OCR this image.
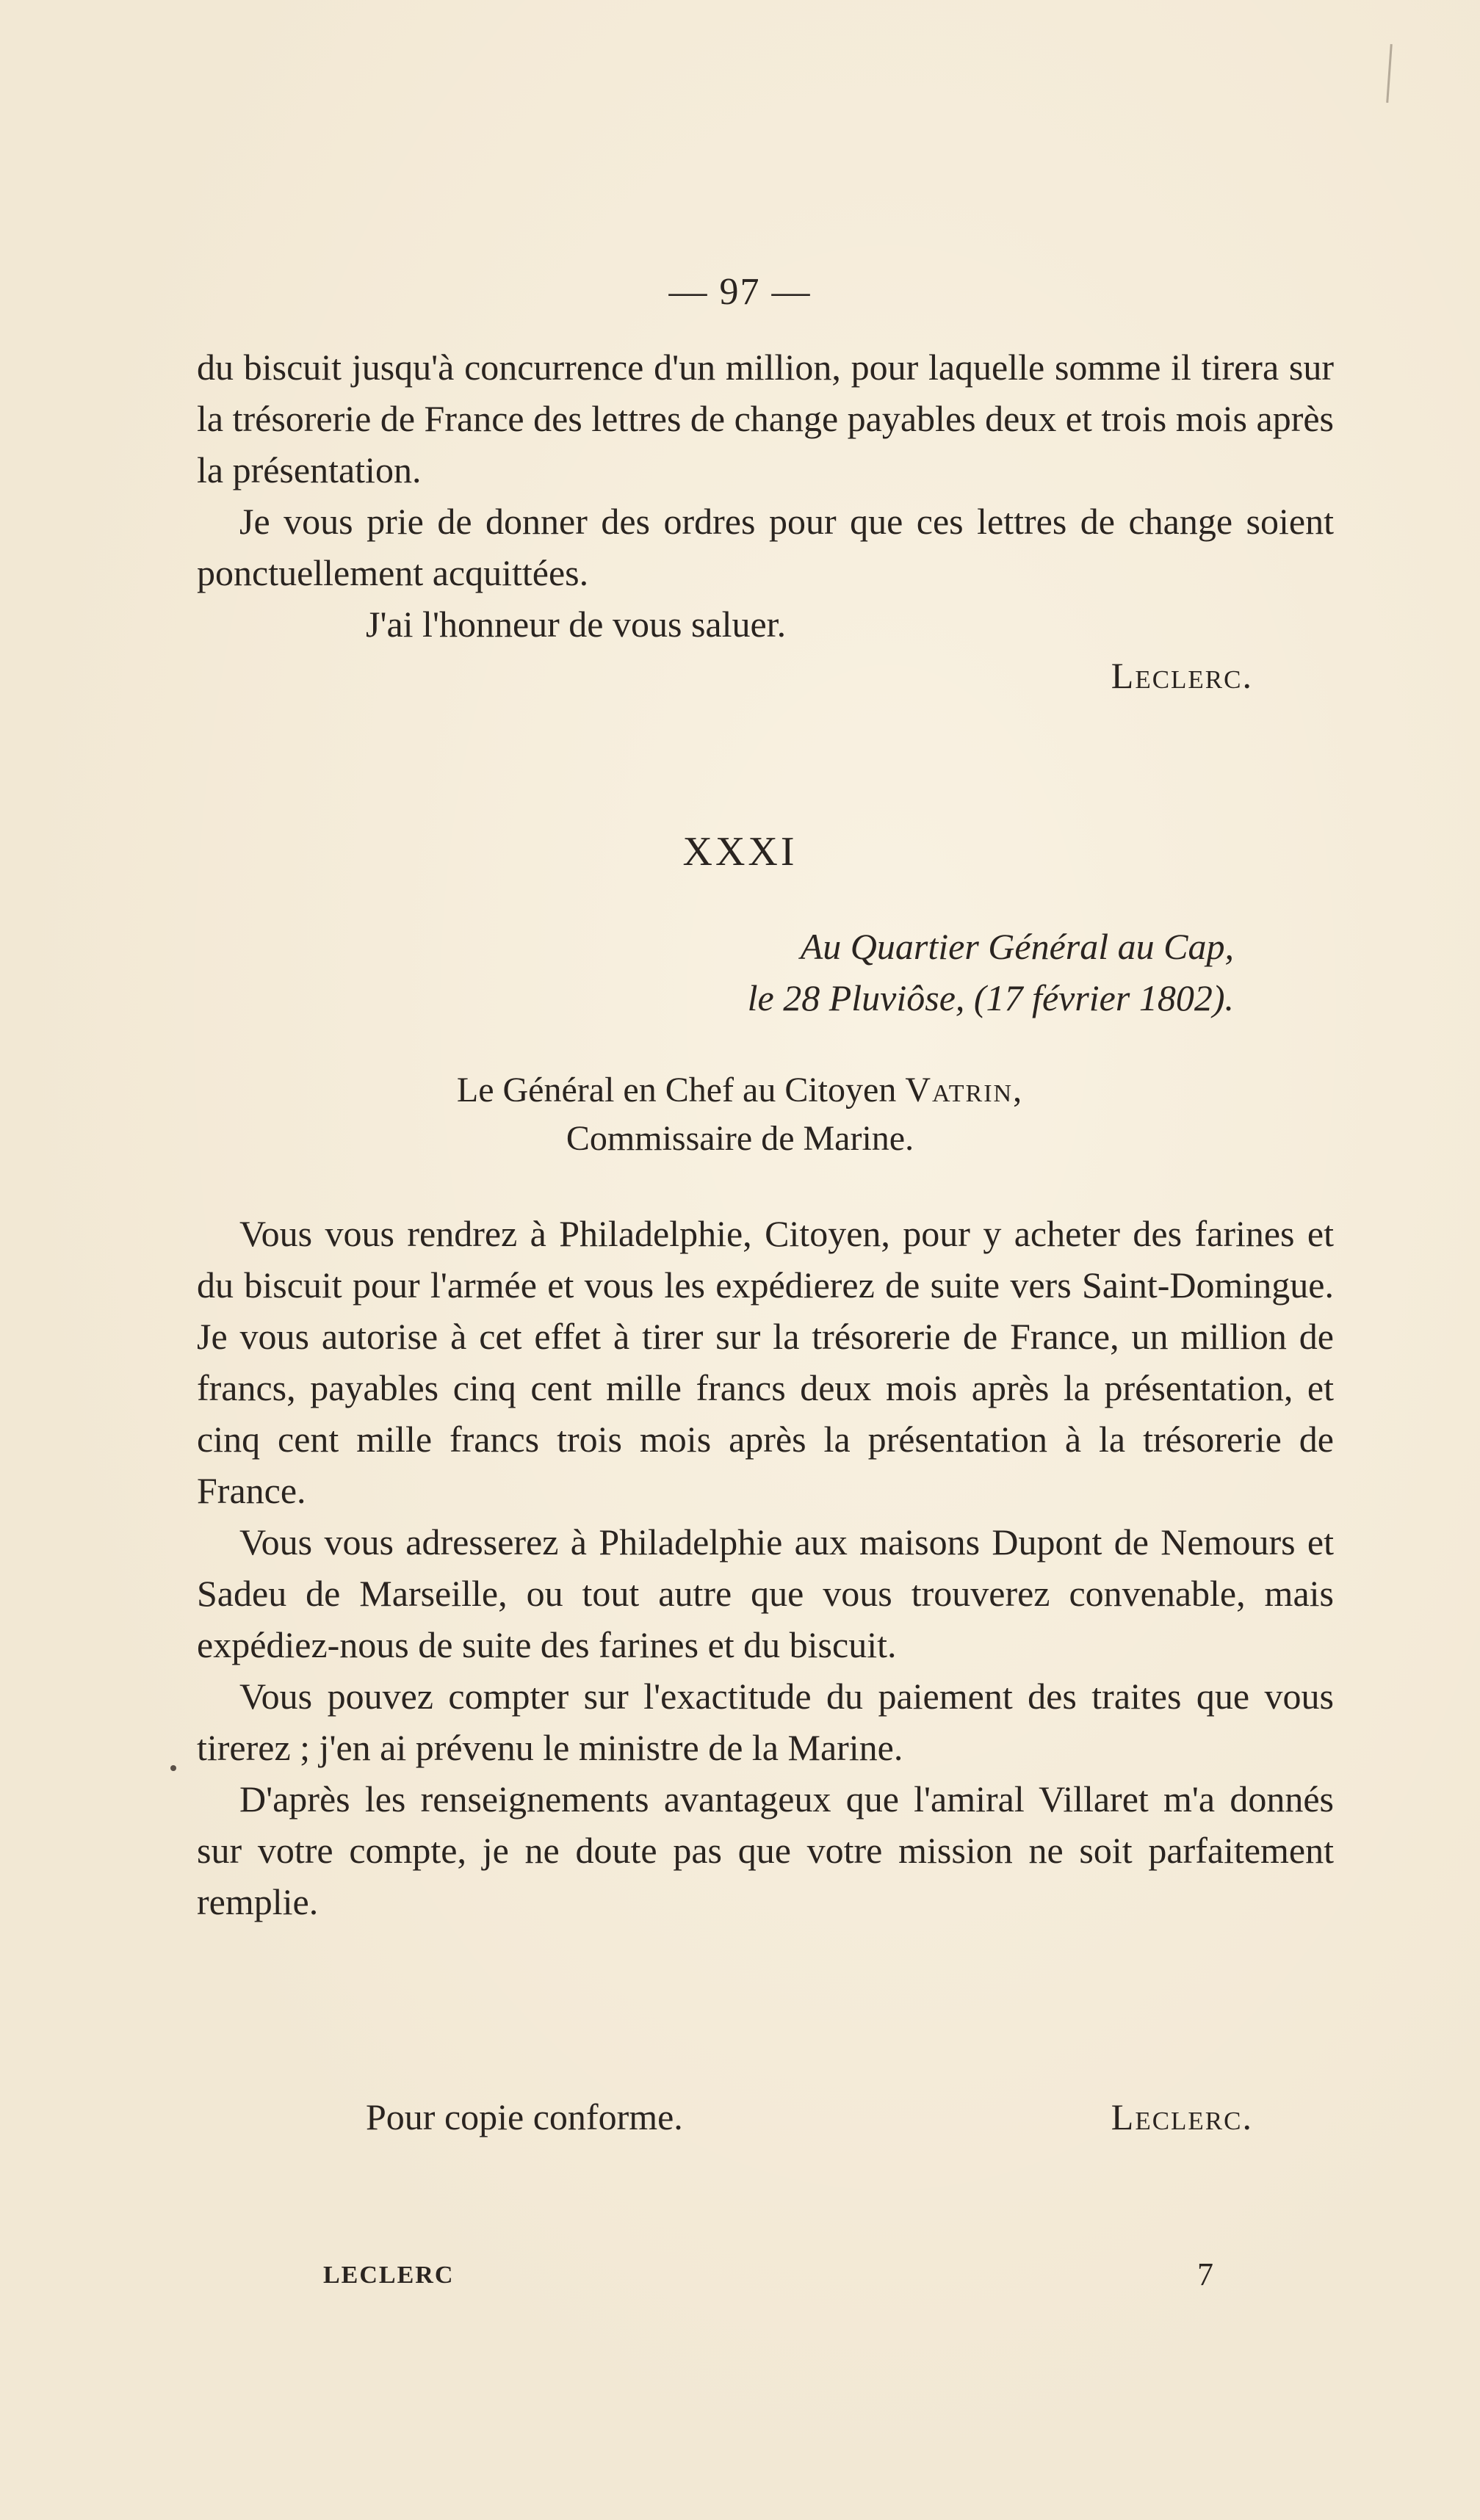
— 97 —

du biscuit jusqu'à concurrence d'un million, pour laquelle somme il tirera sur la trésorerie de France des lettres de change payables deux et trois mois après la présentation.

Je vous prie de donner des ordres pour que ces lettres de change soient ponctuellement acquittées.

J'ai l'honneur de vous saluer.

Leclerc.

XXXI
Au Quartier Général au Cap,
le 28 Pluviôse, (17 février 1802).
Le Général en Chef au Citoyen Vatrin,
Commissaire de Marine.

Vous vous rendrez à Philadelphie, Citoyen, pour y acheter des farines et du biscuit pour l'armée et vous les expédierez de suite vers Saint-Domingue. Je vous autorise à cet effet à tirer sur la trésorerie de France, un million de francs, payables cinq cent mille francs deux mois après la présentation, et cinq cent mille francs trois mois après la présentation à la trésorerie de France.

Vous vous adresserez à Philadelphie aux maisons Dupont de Nemours et Sadeu de Marseille, ou tout autre que vous trouverez convenable, mais expédiez-nous de suite des farines et du biscuit.

Vous pouvez compter sur l'exactitude du paiement des traites que vous tirerez ; j'en ai prévenu le ministre de la Marine.

D'après les renseignements avantageux que l'amiral Villaret m'a donnés sur votre compte, je ne doute pas que votre mission ne soit parfaitement remplie.

Pour copie conforme.	Leclerc.
LECLERC	7
